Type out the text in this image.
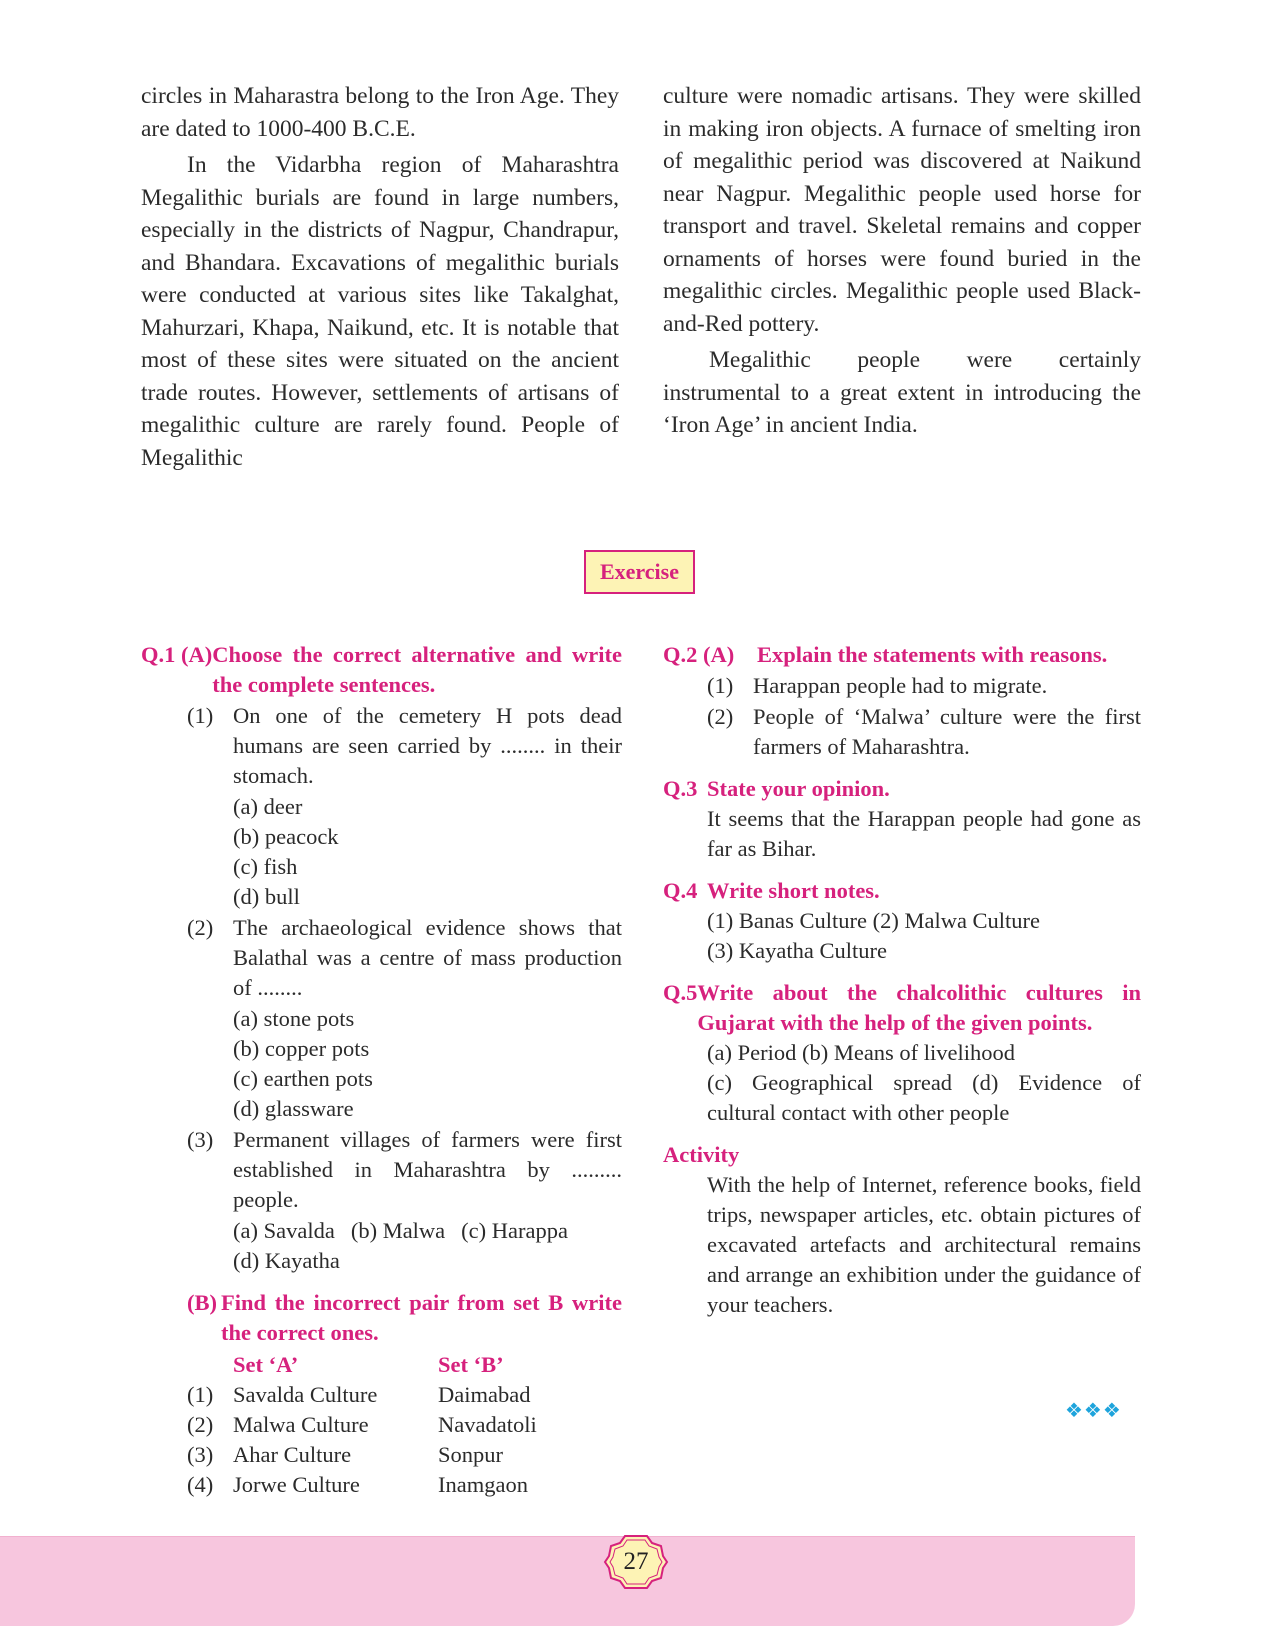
circles in Maharastra belong to the Iron Age. They are dated to 1000-400 B.C.E.

In the Vidarbha region of Maharashtra Megalithic burials are found in large numbers, especially in the districts of Nagpur, Chandrapur, and Bhandara. Excavations of megalithic burials were conducted at various sites like Takalghat, Mahurzari, Khapa, Naikund, etc. It is notable that most of these sites were situated on the ancient trade routes. However, settlements of artisans of megalithic culture are rarely found. People of Megalithic

culture were nomadic artisans. They were skilled in making iron objects. A furnace of smelting iron of megalithic period was discovered at Naikund near Nagpur. Megalithic people used horse for transport and travel. Skeletal remains and copper ornaments of horses were found buried in the megalithic circles. Megalithic people used Black-and-Red pottery.

Megalithic people were certainly instrumental to a great extent in introducing the ‘Iron Age’ in ancient India.

Exercise
Q.1 (A) Choose the correct alternative and write the complete sentences.
(1) On one of the cemetery H pots dead humans are seen carried by ........ in their stomach.
(a) deer
(b) peacock
(c) fish
(d) bull
(2) The archaeological evidence shows that Balathal was a centre of mass production of ........
(a) stone pots
(b) copper pots
(c) earthen pots
(d) glassware
(3) Permanent villages of farmers were first established in Maharashtra by ......... people.
(a) Savalda (b) Malwa (c) Harappa
(d) Kayatha
(B) Find the incorrect pair from set B write the correct ones.
Set ‘A’	Set ‘B’
(1) Savalda Culture	Daimabad
(2) Malwa Culture	Navadatoli
(3) Ahar Culture	Sonpur
(4) Jorwe Culture	Inamgaon
Q.2 (A)	Explain the statements with reasons.
(1) Harappan people had to migrate.
(2) People of ‘Malwa’ culture were the first farmers of Maharashtra.
Q.3 State your opinion.
It seems that the Harappan people had gone as far as Bihar.
Q.4 Write short notes.
(1) Banas Culture (2) Malwa Culture
(3) Kayatha Culture
Q.5 Write about the chalcolithic cultures in Gujarat with the help of the given points.
(a) Period (b) Means of livelihood
(c) Geographical spread (d) Evidence of cultural contact with other people
Activity
With the help of Internet, reference books, field trips, newspaper articles, etc. obtain pictures of excavated artefacts and architectural remains and arrange an exhibition under the guidance of your teachers.
❖❖❖
27
